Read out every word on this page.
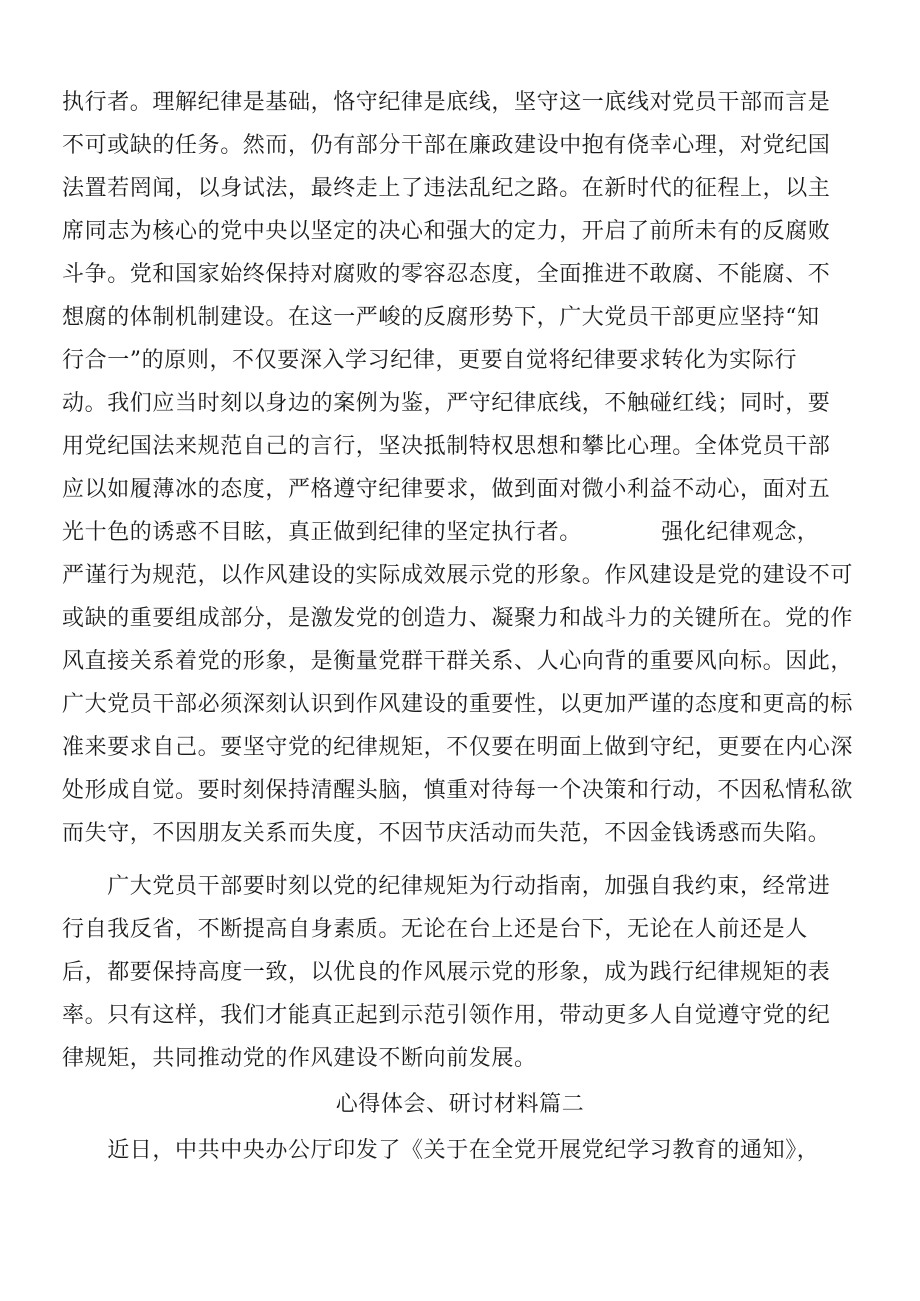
执行者。理解纪律是基础，恪守纪律是底线，坚守这一底线对党员干部而言是
不可或缺的任务。然而，仍有部分干部在廉政建设中抱有侥幸心理，对党纪国
法置若罔闻，以身试法，最终走上了违法乱纪之路。在新时代的征程上，以主
席同志为核心的党中央以坚定的决心和强大的定力，开启了前所未有的反腐败
斗争。党和国家始终保持对腐败的零容忍态度，全面推进不敢腐、不能腐、不
想腐的体制机制建设。在这一严峻的反腐形势下，广大党员干部更应坚持“知
行合一”的原则，不仅要深入学习纪律，更要自觉将纪律要求转化为实际行
动。我们应当时刻以身边的案例为鉴，严守纪律底线，不触碰红线；同时，要
用党纪国法来规范自己的言行，坚决抵制特权思想和攀比心理。全体党员干部
应以如履薄冰的态度，严格遵守纪律要求，做到面对微小利益不动心，面对五
光十色的诱惑不目眩，真正做到纪律的坚定执行者。　　　　强化纪律观念，
严谨行为规范，以作风建设的实际成效展示党的形象。作风建设是党的建设不可
或缺的重要组成部分，是激发党的创造力、凝聚力和战斗力的关键所在。党的作
风直接关系着党的形象，是衡量党群干群关系、人心向背的重要风向标。因此，
广大党员干部必须深刻认识到作风建设的重要性，以更加严谨的态度和更高的标
准来要求自己。要坚守党的纪律规矩，不仅要在明面上做到守纪，更要在内心深
处形成自觉。要时刻保持清醒头脑，慎重对待每一个决策和行动，不因私情私欲
而失守，不因朋友关系而失度，不因节庆活动而失范，不因金钱诱惑而失陷。
　　广大党员干部要时刻以党的纪律规矩为行动指南，加强自我约束，经常进
行自我反省，不断提高自身素质。无论在台上还是台下，无论在人前还是人
后，都要保持高度一致，以优良的作风展示党的形象，成为践行纪律规矩的表
率。只有这样，我们才能真正起到示范引领作用，带动更多人自觉遵守党的纪
律规矩，共同推动党的作风建设不断向前发展。
心得体会、研讨材料篇二
　　近日，中共中央办公厅印发了《关于在全党开展党纪学习教育的通知》，
